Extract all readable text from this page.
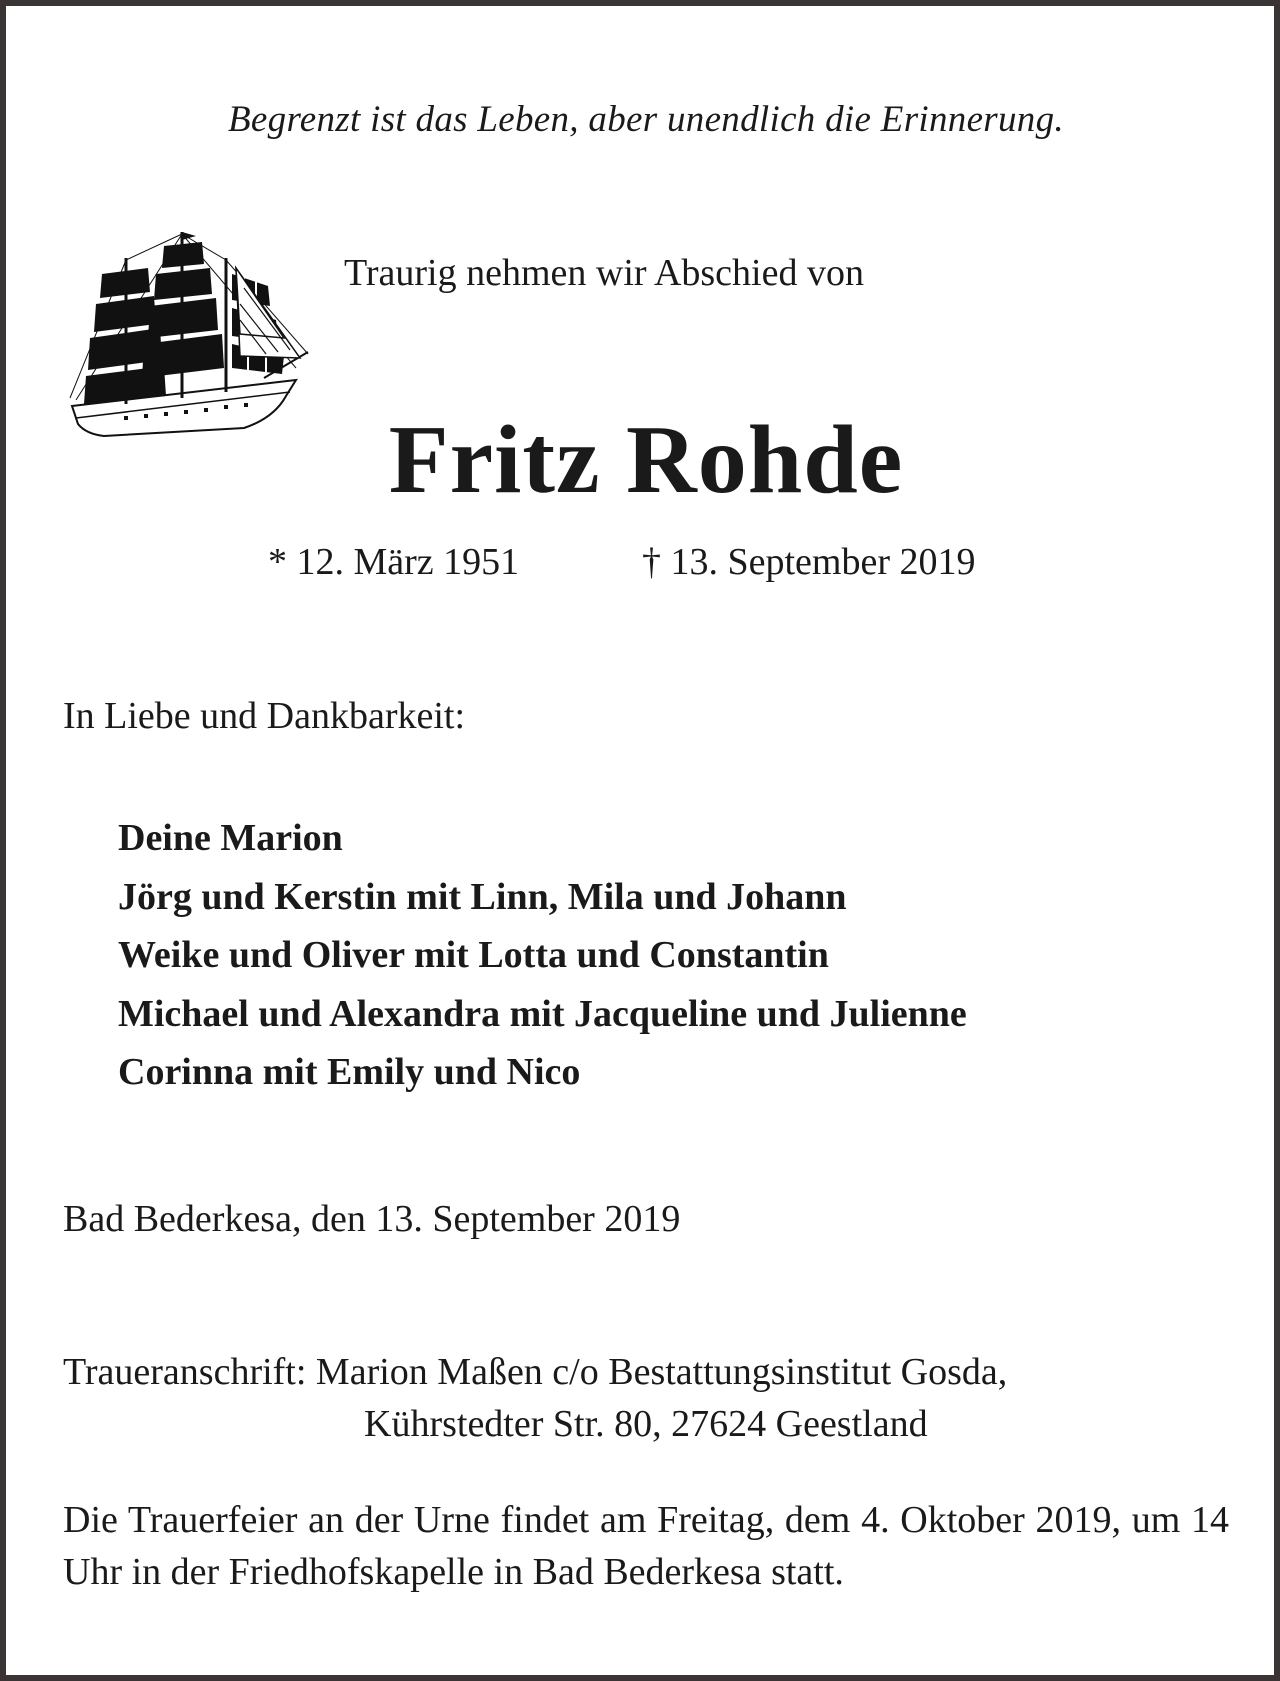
Begrenzt ist das Leben, aber unendlich die Erinnerung.
Traurig nehmen wir Abschied von
Fritz Rohde
* 12. März 1951	† 13. September 2019
In Liebe und Dankbarkeit:
Deine Marion
Jörg und Kerstin mit Linn, Mila und Johann
Weike und Oliver mit Lotta und Constantin
Michael und Alexandra mit Jacqueline und Julienne
Corinna mit Emily und Nico
Bad Bederkesa, den 13. September 2019
Traueranschrift: Marion Maßen c/o Bestattungsinstitut Gosda,
Kührstedter Str. 80, 27624 Geestland
Die Trauerfeier an der Urne findet am Freitag, dem 4. Oktober 2019, um 14 Uhr in der Friedhofskapelle in Bad Bederkesa statt.
